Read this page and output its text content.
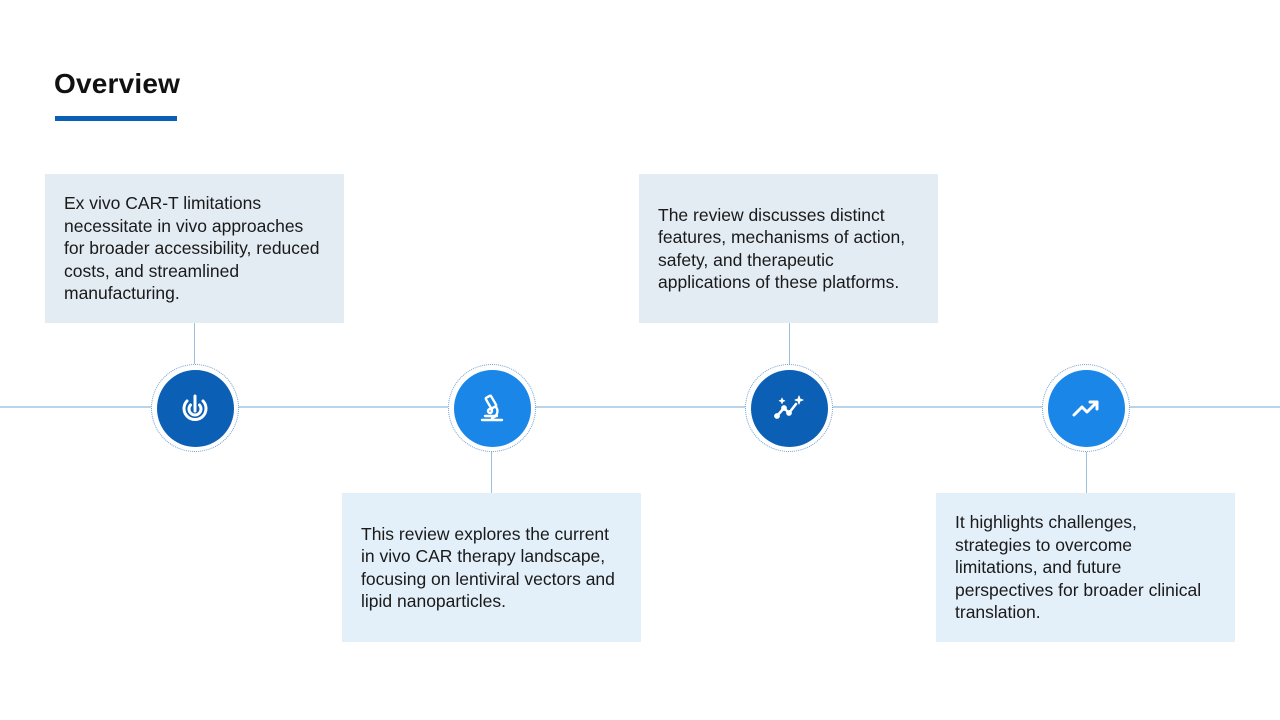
Overview
Ex vivo CAR-T limitations necessitate in vivo approaches for broader accessibility, reduced costs, and streamlined manufacturing.
This review explores the current in vivo CAR therapy landscape, focusing on lentiviral vectors and lipid nanoparticles.
The review discusses distinct features, mechanisms of action, safety, and therapeutic applications of these platforms.
It highlights challenges, strategies to overcome limitations, and future perspectives for broader clinical translation.
